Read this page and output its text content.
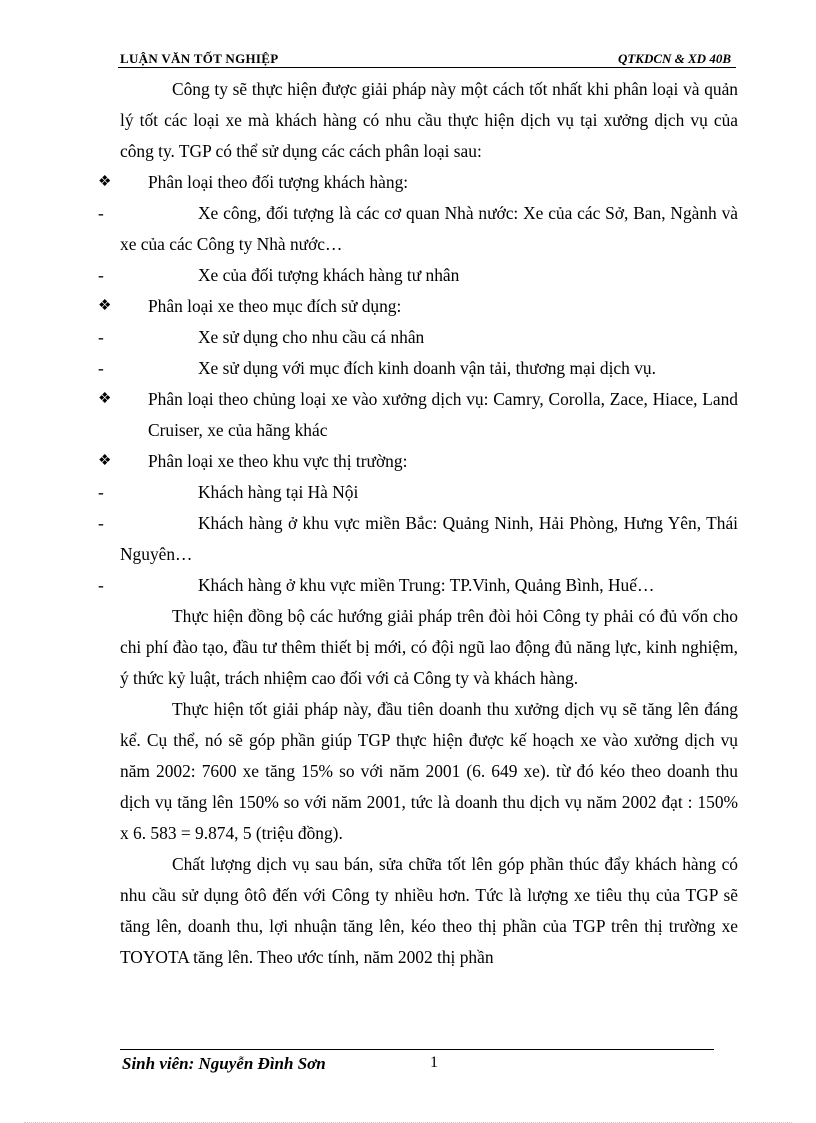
LUẬN VĂN TỐT NGHIỆP	QTKDCN & XD 40B

Công ty sẽ thực hiện được giải pháp này một cách tốt nhất khi phân loại và quản lý tốt các loại xe mà khách hàng có nhu cầu thực hiện dịch vụ tại xưởng dịch vụ của công ty. TGP có thể sử dụng các cách phân loại sau:

❖	Phân loại theo đối tượng khách hàng:
-	Xe công, đối tượng là các cơ quan Nhà nước: Xe của các Sở, Ban, Ngành và xe của các Công ty Nhà nước…
-	Xe của đối tượng khách hàng tư nhân
❖	Phân loại xe theo mục đích sử dụng:
-	Xe sử dụng cho nhu cầu cá nhân
-	Xe sử dụng với mục đích kinh doanh vận tải, thương mại dịch vụ.
❖	Phân loại theo chủng loại xe vào xưởng dịch vụ: Camry, Corolla, Zace, Hiace, Land Cruiser, xe của hãng khác
❖	Phân loại xe theo khu vực thị trường:
-	Khách hàng tại Hà Nội
-	Khách hàng ở khu vực miền Bắc: Quảng Ninh, Hải Phòng, Hưng Yên, Thái Nguyên…
-	Khách hàng ở khu vực miền Trung: TP.Vinh, Quảng Bình, Huế…

Thực hiện đồng bộ các hướng giải pháp trên đòi hỏi Công ty phải có đủ vốn cho chi phí đào tạo, đầu tư thêm thiết bị mới, có đội ngũ lao động đủ năng lực, kinh nghiệm, ý thức kỷ luật, trách nhiệm cao đối với cả Công ty và khách hàng.

Thực hiện tốt giải pháp này, đầu tiên doanh thu xưởng dịch vụ sẽ tăng lên đáng kể. Cụ thể, nó sẽ góp phần giúp TGP thực hiện được kế hoạch xe vào xưởng dịch vụ năm 2002: 7600 xe tăng 15% so với năm 2001 (6. 649 xe). từ đó kéo theo doanh thu dịch vụ tăng lên 150% so với năm 2001, tức là doanh thu dịch vụ năm 2002 đạt : 150% x 6. 583 = 9.874, 5 (triệu đồng).

Chất lượng dịch vụ sau bán, sửa chữa tốt lên góp phần thúc đẩy khách hàng có nhu cầu sử dụng ôtô đến với Công ty nhiều hơn. Tức là lượng xe tiêu thụ của TGP sẽ tăng lên, doanh thu, lợi nhuận tăng lên, kéo theo thị phần của TGP trên thị trường xe TOYOTA tăng lên. Theo ước tính, năm 2002 thị phần

Sinh viên: Nguyễn Đình Sơn	1
